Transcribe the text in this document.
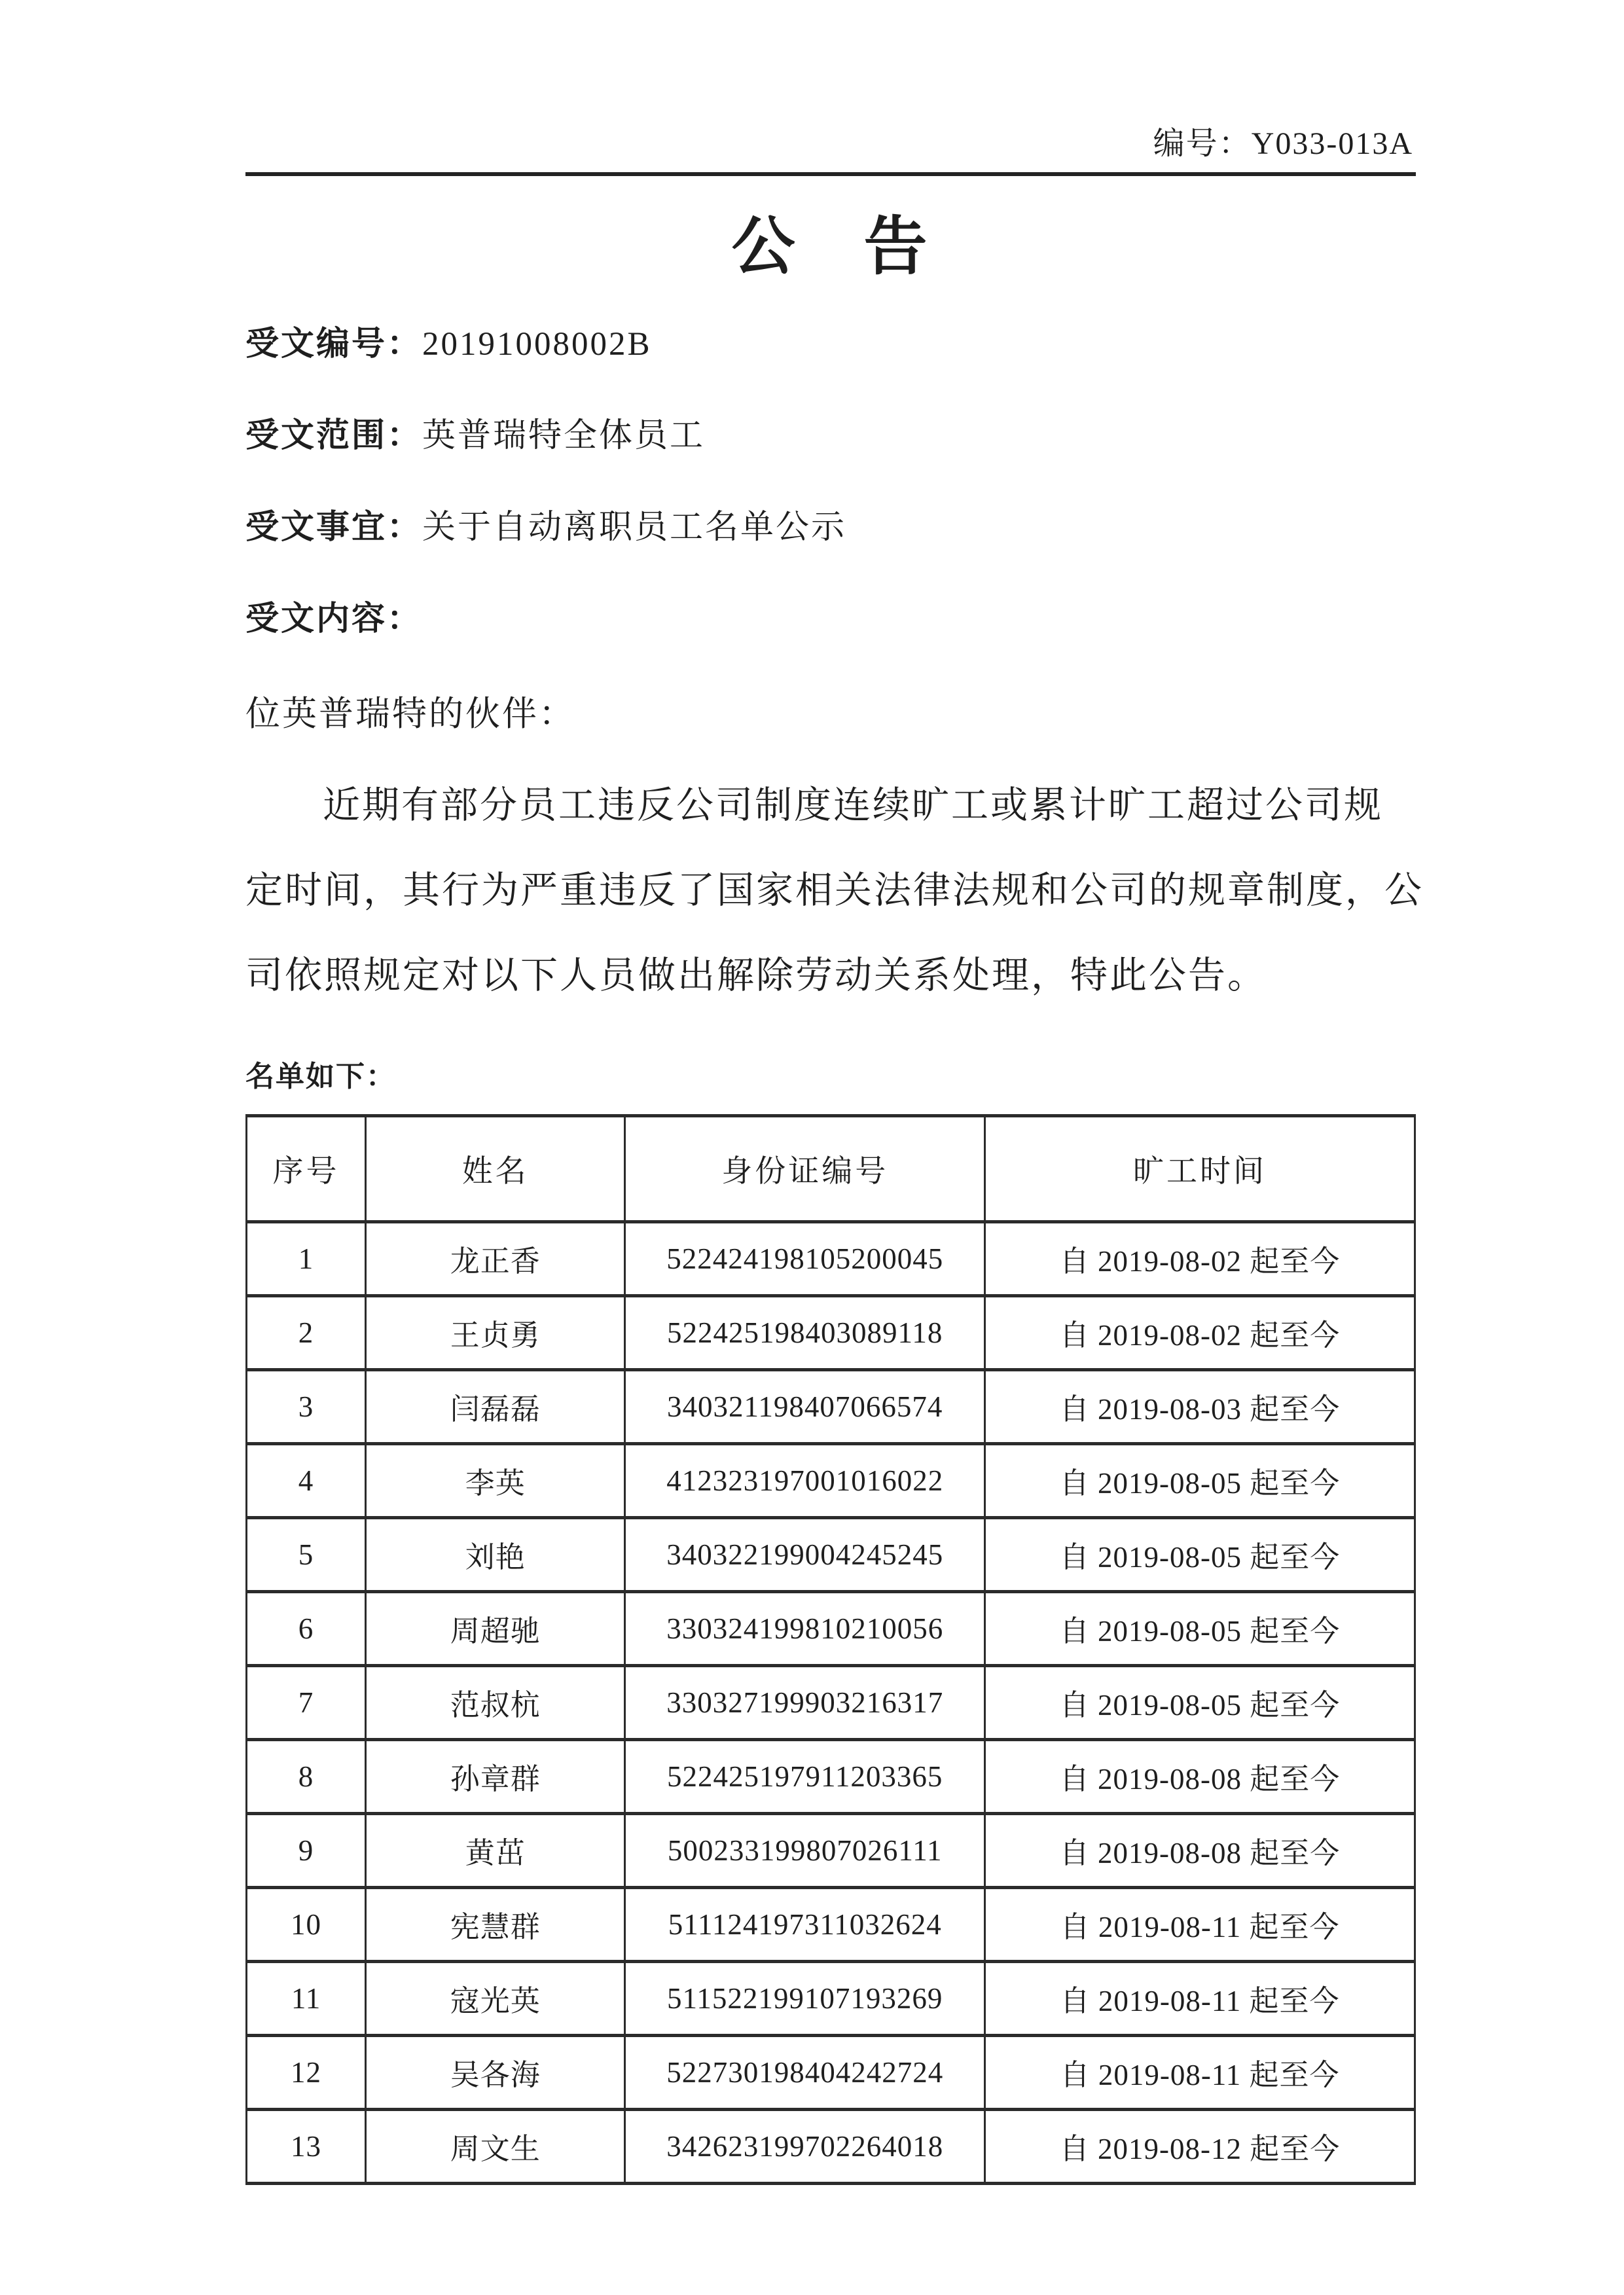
编号：Y033-013A
公　告
受文编号：20191008002B
受文范围：英普瑞特全体员工
受文事宜：关于自动离职员工名单公示
受文内容：
位英普瑞特的伙伴：
近期有部分员工违反公司制度连续旷工或累计旷工超过公司规
定时间，其行为严重违反了国家相关法律法规和公司的规章制度，公
司依照规定对以下人员做出解除劳动关系处理，特此公告。
名单如下：
序号	姓名	身份证编号	旷工时间
1	龙正香	522424198105200045	自 2019-08-02 起至今
2	王贞勇	522425198403089118	自 2019-08-02 起至今
3	闫磊磊	340321198407066574	自 2019-08-03 起至今
4	李英	412323197001016022	自 2019-08-05 起至今
5	刘艳	340322199004245245	自 2019-08-05 起至今
6	周超驰	330324199810210056	自 2019-08-05 起至今
7	范叔杭	330327199903216317	自 2019-08-05 起至今
8	孙章群	522425197911203365	自 2019-08-08 起至今
9	黄茁	500233199807026111	自 2019-08-08 起至今
10	宪慧群	511124197311032624	自 2019-08-11 起至今
11	寇光英	511522199107193269	自 2019-08-11 起至今
12	吴各海	522730198404242724	自 2019-08-11 起至今
13	周文生	342623199702264018	自 2019-08-12 起至今
